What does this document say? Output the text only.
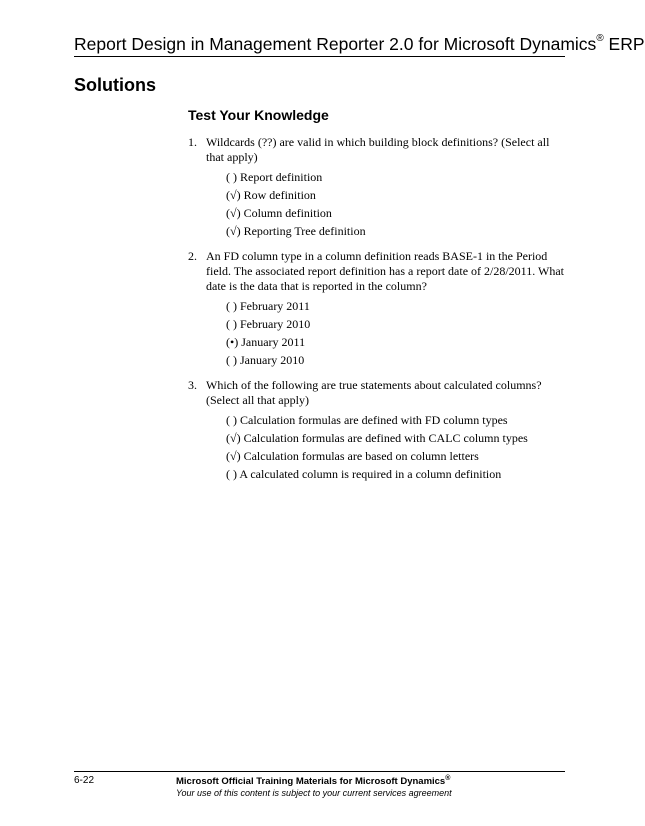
Report Design in Management Reporter 2.0 for Microsoft Dynamics® ERP
Solutions
Test Your Knowledge
1. Wildcards (??) are valid in which building block definitions? (Select all that apply)
( ) Report definition
(√) Row definition
(√) Column definition
(√) Reporting Tree definition
2. An FD column type in a column definition reads BASE-1 in the Period field. The associated report definition has a report date of 2/28/2011. What date is the data that is reported in the column?
( ) February 2011
( ) February 2010
(•) January 2011
( ) January 2010
3. Which of the following are true statements about calculated columns? (Select all that apply)
( ) Calculation formulas are defined with FD column types
(√) Calculation formulas are defined with CALC column types
(√) Calculation formulas are based on column letters
( ) A calculated column is required in a column definition
6-22	Microsoft Official Training Materials for Microsoft Dynamics®
Your use of this content is subject to your current services agreement
